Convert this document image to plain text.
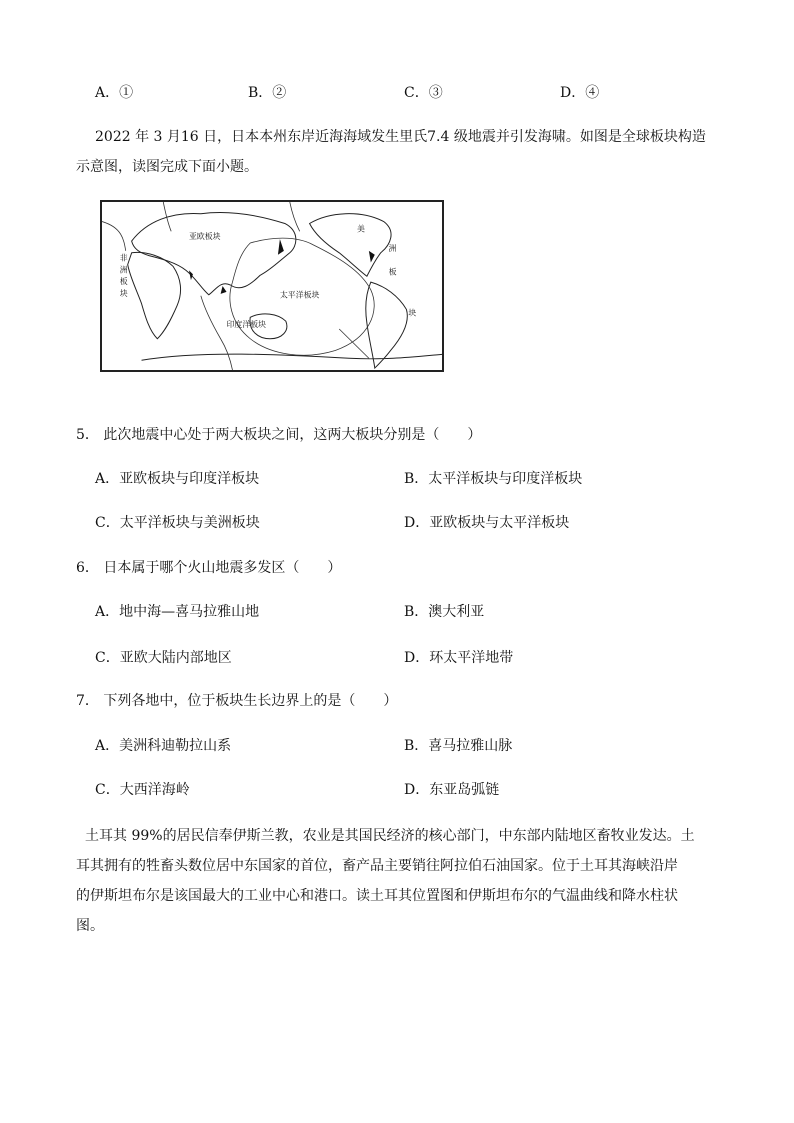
A．①	B．②	C．③	D．④
2022 年 3 月16 日，日本本州东岸近海海域发生里氏7.4 级地震并引发海啸。如图是全球板块构造
示意图，读图完成下面小题。
亚欧板块
非
洲
板
块	太平洋板块
印度洋板块
美
洲
板
块
5． 此次地震中心处于两大板块之间，这两大板块分别是（　　）
A．亚欧板块与印度洋板块	B．太平洋板块与印度洋板块
C．太平洋板块与美洲板块	D．亚欧板块与太平洋板块
6． 日本属于哪个火山地震多发区（　　）
A．地中海—喜马拉雅山地	B．澳大利亚
C．亚欧大陆内部地区	D．环太平洋地带
7． 下列各地中，位于板块生长边界上的是（　　）
A．美洲科迪勒拉山系	B．喜马拉雅山脉
C．大西洋海岭	D．东亚岛弧链
土耳其 99%的居民信奉伊斯兰教，农业是其国民经济的核心部门，中东部内陆地区畜牧业发达。土
耳其拥有的牲畜头数位居中东国家的首位，畜产品主要销往阿拉伯石油国家。位于土耳其海峡沿岸
的伊斯坦布尔是该国最大的工业中心和港口。读土耳其位置图和伊斯坦布尔的气温曲线和降水柱状
图。
